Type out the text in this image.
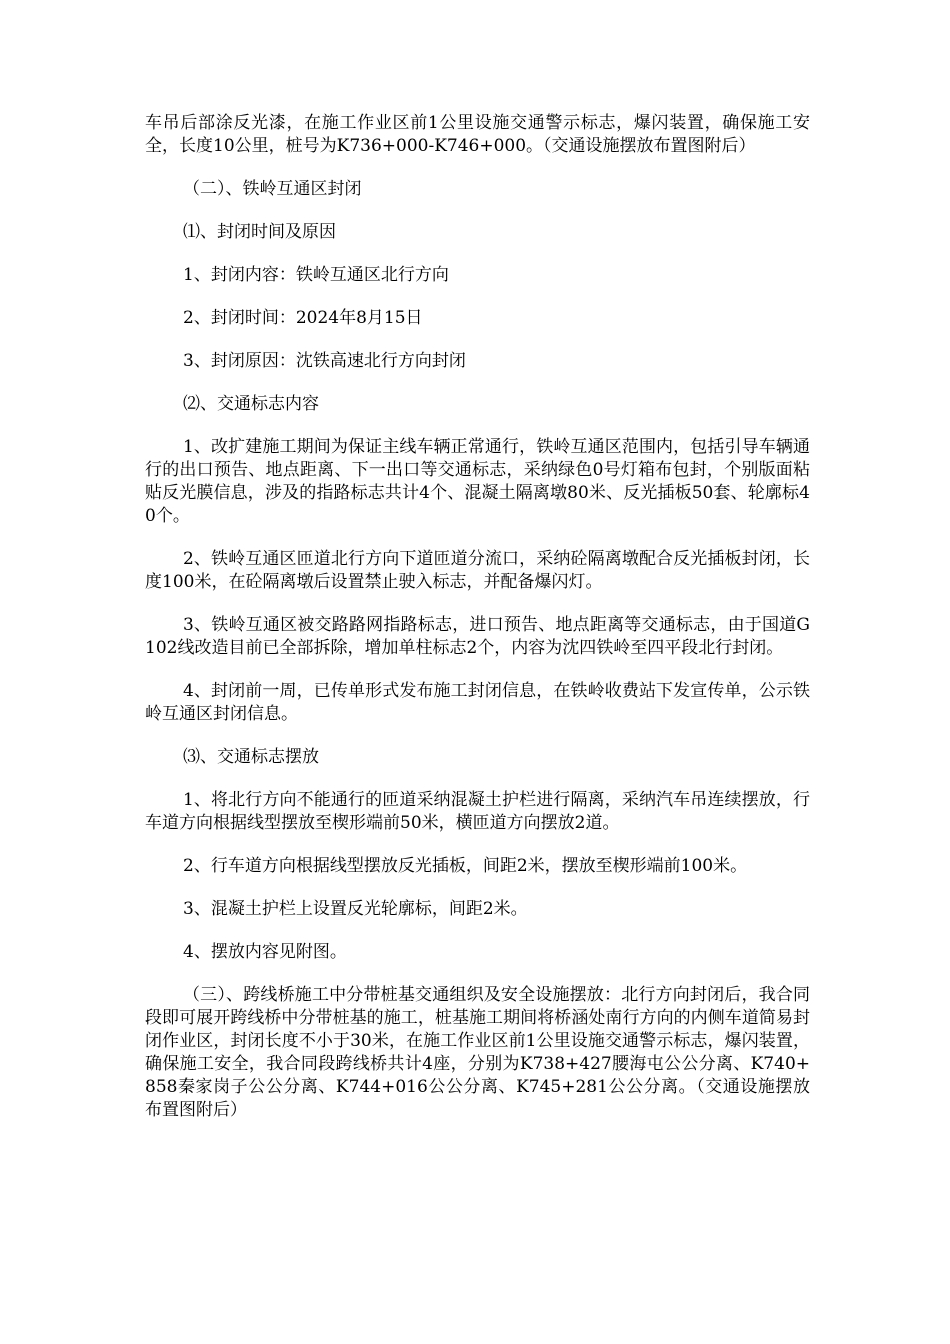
车吊后部涂反光漆，在施工作业区前1公里设施交通警示标志，爆闪装置，确保施工安全，长度10公里，桩号为K736+000-K746+000。（交通设施摆放布置图附后）

（二）、铁岭互通区封闭

⑴、封闭时间及原因

1、封闭内容：铁岭互通区北行方向

2、封闭时间：2024年8月15日

3、封闭原因：沈铁高速北行方向封闭

⑵、交通标志内容

1、改扩建施工期间为保证主线车辆正常通行，铁岭互通区范围内，包括引导车辆通行的出口预告、地点距离、下一出口等交通标志，采纳绿色0号灯箱布包封，个别版面粘贴反光膜信息，涉及的指路标志共计4个、混凝土隔离墩80米、反光插板50套、轮廓标40个。

2、铁岭互通区匝道北行方向下道匝道分流口，采纳砼隔离墩配合反光插板封闭，长度100米，在砼隔离墩后设置禁止驶入标志，并配备爆闪灯。

3、铁岭互通区被交路路网指路标志，进口预告、地点距离等交通标志，由于国道G102线改造目前已全部拆除，增加单柱标志2个，内容为沈四铁岭至四平段北行封闭。

4、封闭前一周，已传单形式发布施工封闭信息，在铁岭收费站下发宣传单，公示铁岭互通区封闭信息。

⑶、交通标志摆放

1、将北行方向不能通行的匝道采纳混凝土护栏进行隔离，采纳汽车吊连续摆放，行车道方向根据线型摆放至楔形端前50米，横匝道方向摆放2道。

2、行车道方向根据线型摆放反光插板，间距2米，摆放至楔形端前100米。

3、混凝土护栏上设置反光轮廓标，间距2米。

4、摆放内容见附图。

（三）、跨线桥施工中分带桩基交通组织及安全设施摆放：北行方向封闭后，我合同段即可展开跨线桥中分带桩基的施工，桩基施工期间将桥涵处南行方向的内侧车道简易封闭作业区，封闭长度不小于30米，在施工作业区前1公里设施交通警示标志，爆闪装置，确保施工安全，我合同段跨线桥共计4座，分别为K738+427腰海屯公公分离、K740+858秦家岗子公公分离、K744+016公公分离、K745+281公公分离。（交通设施摆放布置图附后）
